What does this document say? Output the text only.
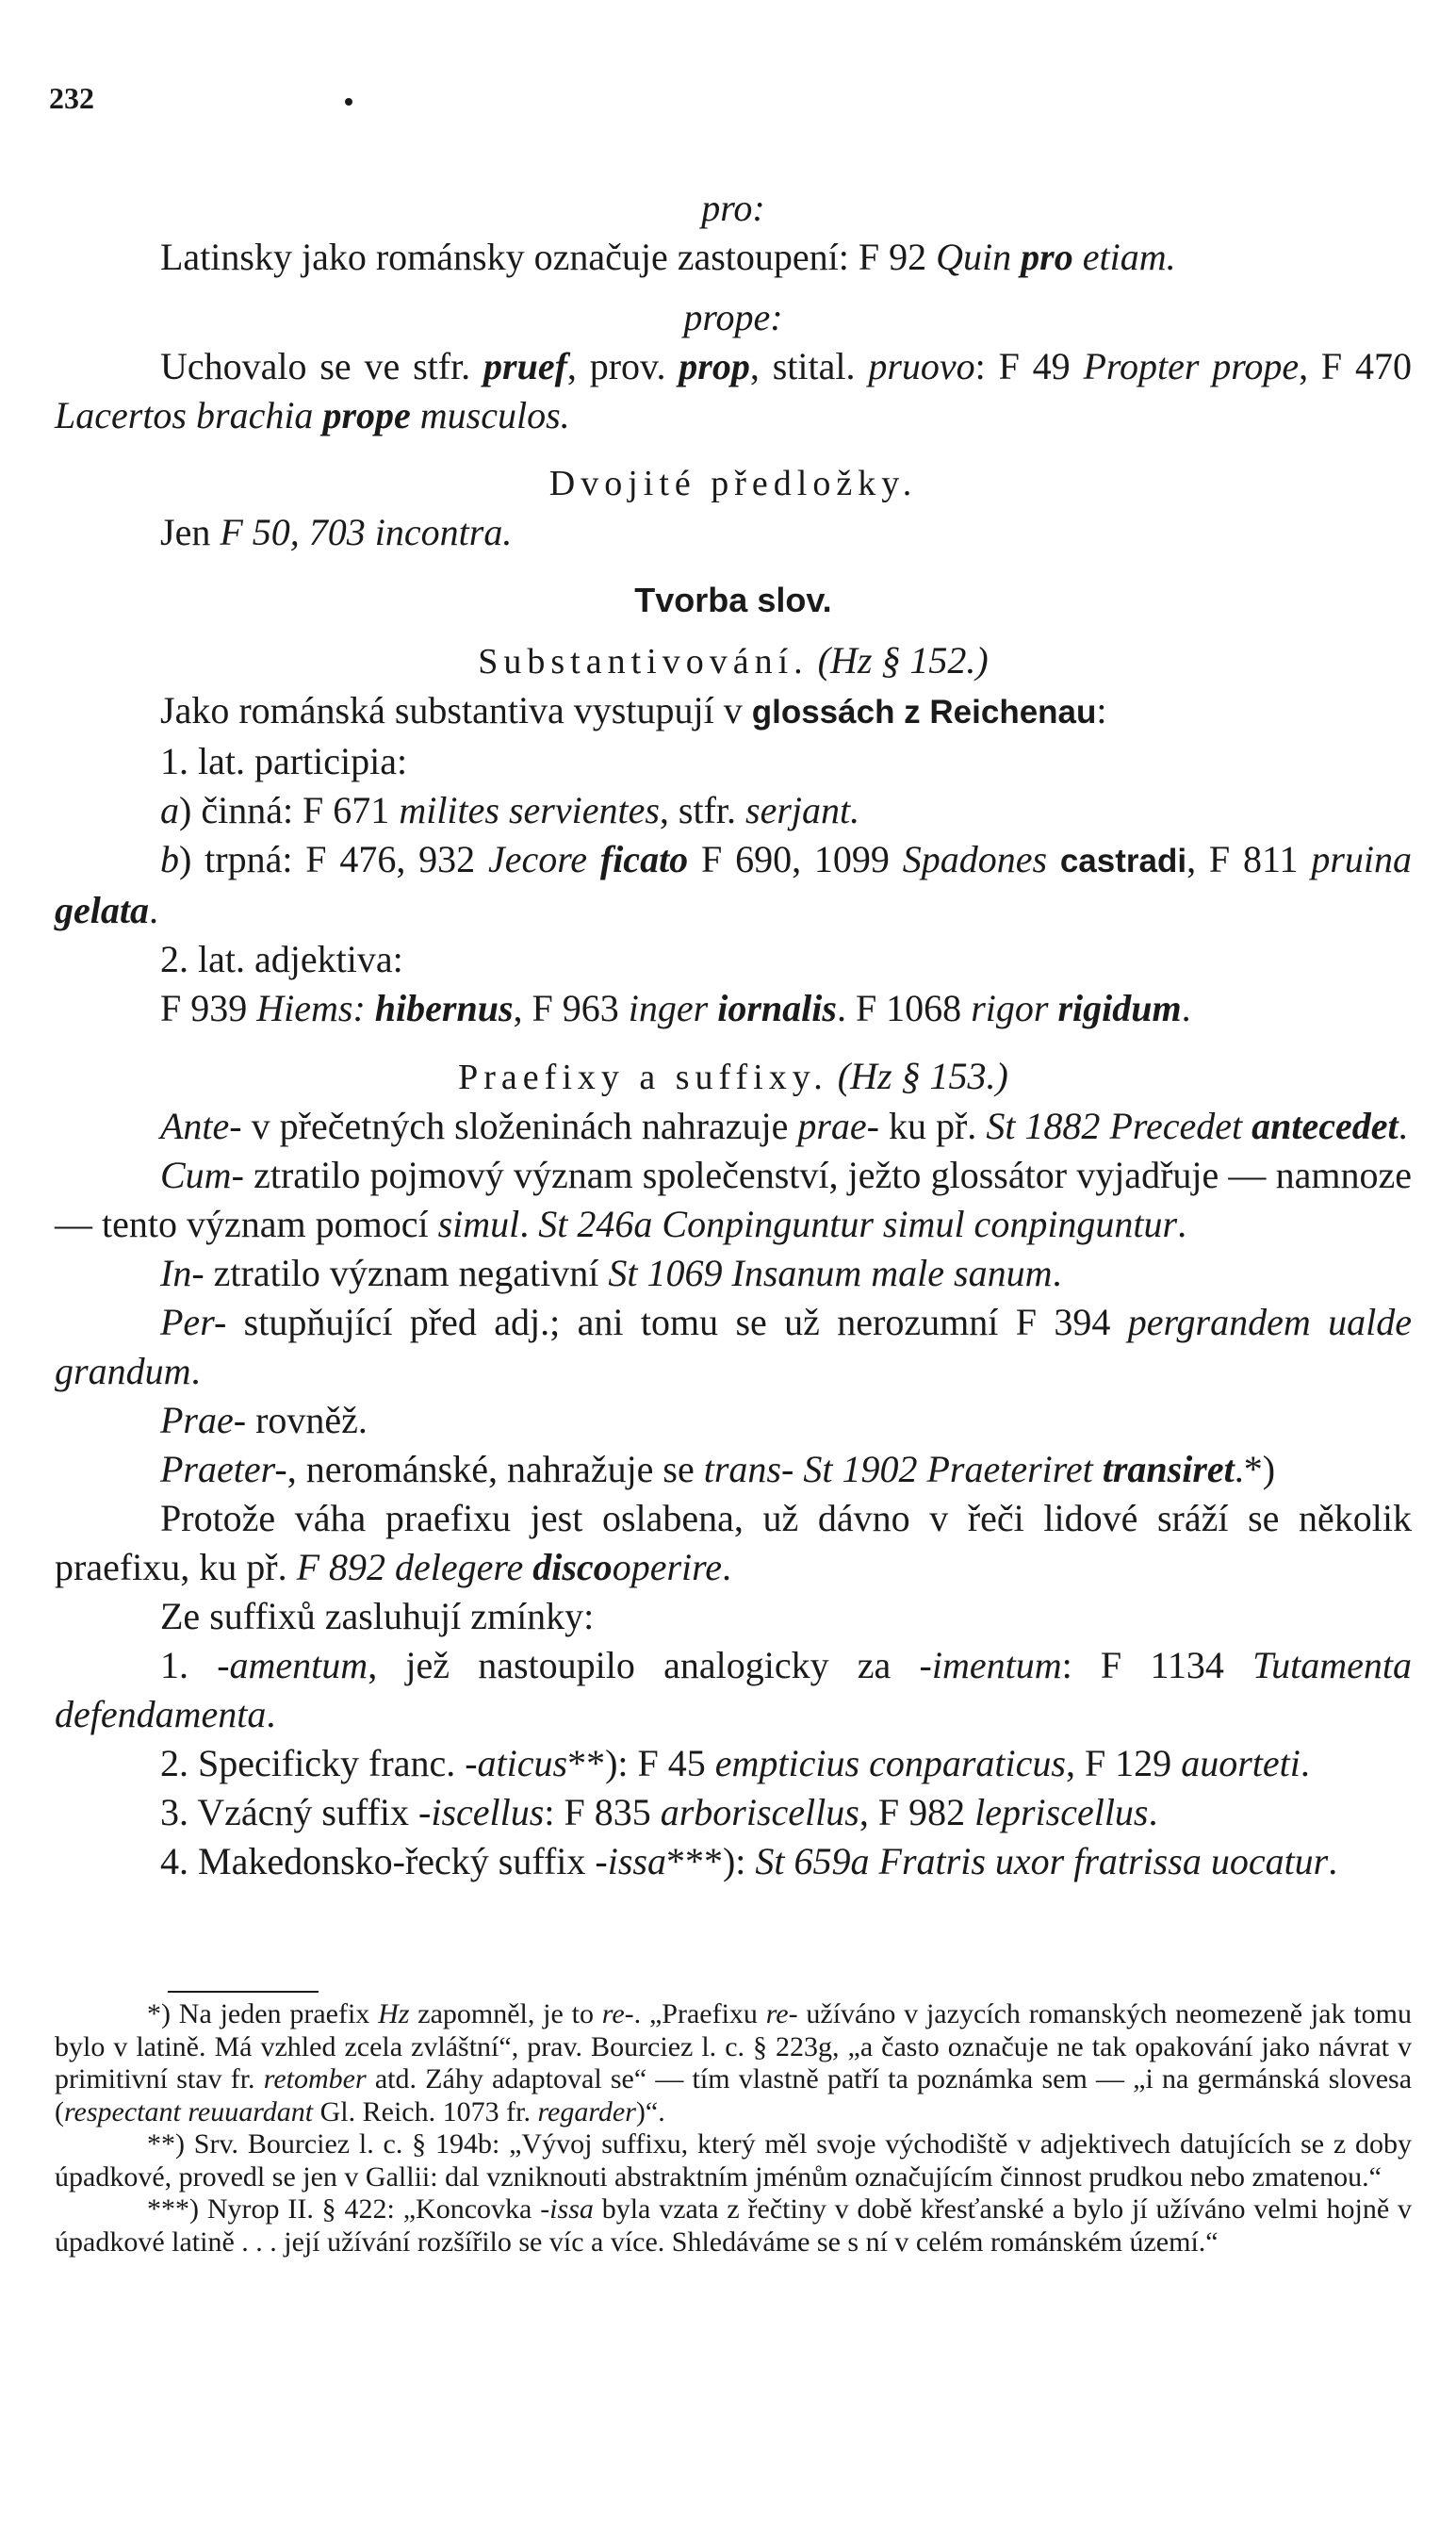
232

pro:

Latinsky jako románsky označuje zastoupení: F 92 Quin pro etiam.

prope:

Uchovalo se ve stfr. pruef, prov. prop, stital. pruovo: F 49 Propter prope, F 470 Lacertos brachia prope musculos.

Dvojité předložky.

Jen F 50, 703 incontra.

Tvorba slov.

Substantivování. (Hz § 152.)

Jako románská substantiva vystupují v glossách z Reichenau:

1. lat. participia:

a) činná: F 671 milites servientes, stfr. serjant.

b) trpná: F 476, 932 Jecore ficato F 690, 1099 Spadones castradi, F 811 pruina gelata.

2. lat. adjektiva:

F 939 Hiems: hibernus, F 963 inger iornalis. F 1068 rigor rigidum.

Praefixy a suffixy. (Hz § 153.)

Ante- v přečetných složeninách nahrazuje prae- ku př. St 1882 Precedet antecedet.

Cum- ztratilo pojmový význam společenství, ježto glossátor vyjadřuje — namnoze — tento význam pomocí simul. St 246a Conpinguntur simul conpinguntur.

In- ztratilo význam negativní St 1069 Insanum male sanum.

Per- stupňující před adj.; ani tomu se už nerozumní F 394 pergrandem ualde grandum.

Prae- rovněž.

Praeter-, nerománské, nahražuje se trans- St 1902 Praeteriret transiret.*)

Protože váha praefixu jest oslabena, už dávno v řeči lidové sráží se několik praefixu, ku př. F 892 delegere discooperire.

Ze suffixů zasluhují zmínky:

1. -amentum, jež nastoupilo analogicky za -imentum: F 1134 Tutamenta defendamenta.

2. Specificky franc. -aticus**): F 45 empticius conparaticus, F 129 auorteti.

3. Vzácný suffix -iscellus: F 835 arboriscellus, F 982 lepriscellus.

4. Makedonsko-řecký suffix -issa***): St 659a Fratris uxor fratrissa uocatur.

*) Na jeden praefix Hz zapomněl, je to re-. „Praefixu re- užíváno v jazycích romanských neomezeně jak tomu bylo v latině. Má vzhled zcela zvláštní“, prav. Bourciez l. c. § 223g, „a často označuje ne tak opakování jako návrat v primitivní stav fr. retomber atd. Záhy adaptoval se“ — tím vlastně patří ta poznámka sem — „i na germánská slovesa (respectant reuuardant Gl. Reich. 1073 fr. regarder)“.

**) Srv. Bourciez l. c. § 194b: „Vývoj suffixu, který měl svoje východiště v adjektivech datujících se z doby úpadkové, provedl se jen v Gallii: dal vzniknouti abstraktním jménům označujícím činnost prudkou nebo zmatenou.“

***) Nyrop II. § 422: „Koncovka -issa byla vzata z řečtiny v době křesťanské a bylo jí užíváno velmi hojně v úpadkové latině . . . její užívání rozšířilo se víc a více. Shledáváme se s ní v celém románském území.“
